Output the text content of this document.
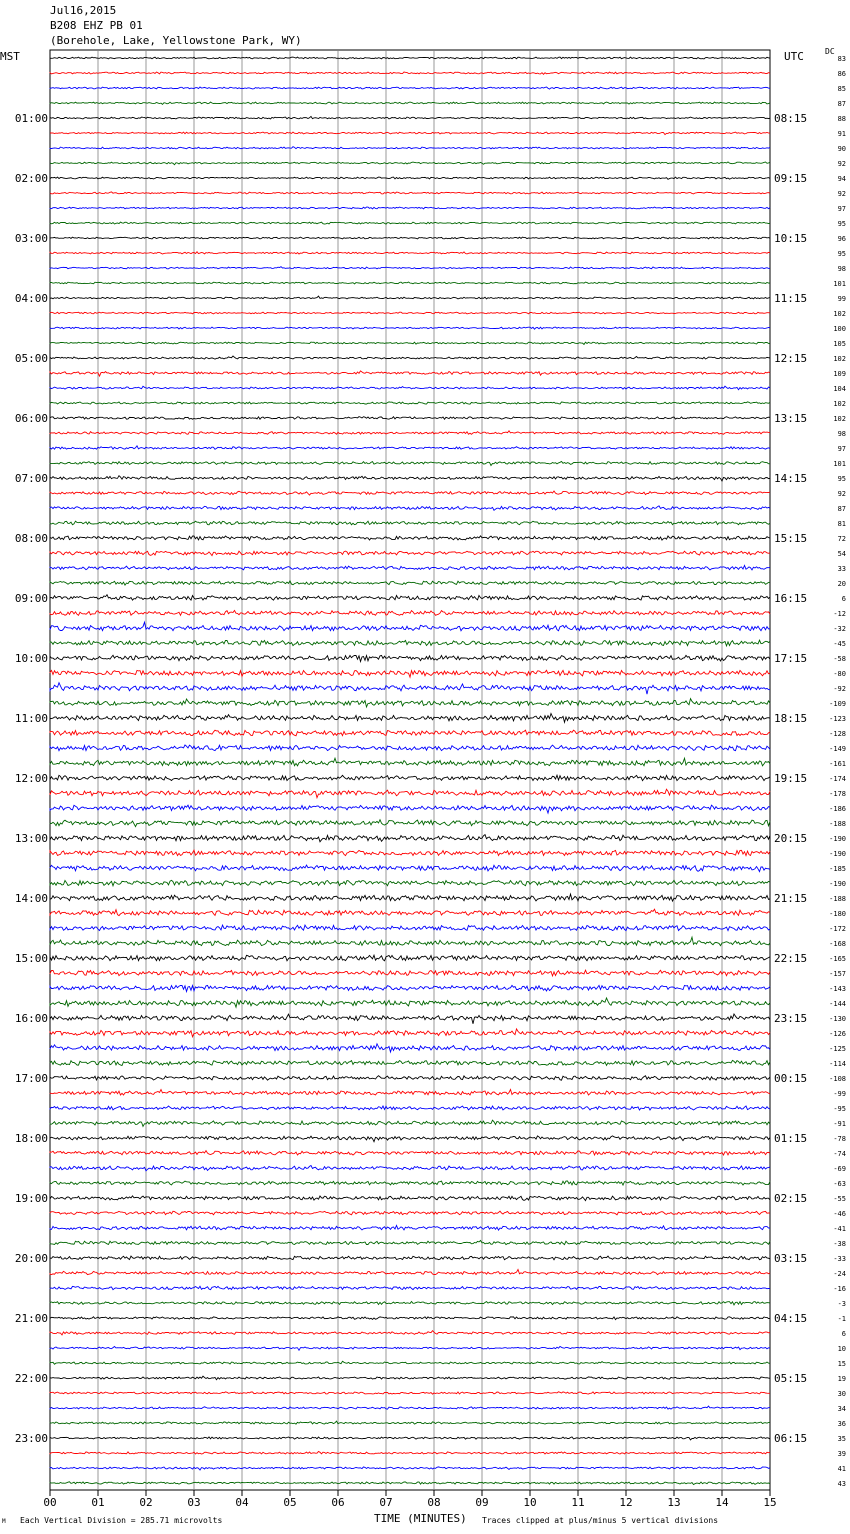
Jul16,2015
B208 EHZ PB 01
(Borehole, Lake, Yellowstone Park, WY)
MST	UTC	DC
00	01	02	03	04	05	06	07	08	09	10	11	12	13	14	15
83
86
85
87
88
91
90
92
94
92
97
95
96
95
98
101
99
102
100
105
102
109
104
102
102
98
97
101
95
92
87
81
72
54
33
20
6
-12
-32
-45
-58
-80
-92
-109
-123
-128
-149
-161
-174
-178
-186
-188
-190
-190
-185
-190
-188
-180
-172
-168
-165
-157
-143
-144
-130
-126
-125
-114
-108
-99
-95
-91
-78
-74
-69
-63
-55
-46
-41
-38
-33
-24
-16
-3
-1
6
10
15
19
30
34
36
35
39
41
43
01:00	08:15
02:00	09:15
03:00	10:15
04:00	11:15
05:00	12:15
06:00	13:15
07:00	14:15
08:00	15:15
09:00	16:15
10:00	17:15
11:00	18:15
12:00	19:15
13:00	20:15
14:00	21:15
15:00	22:15
16:00	23:15
17:00	00:15
18:00	01:15
19:00	02:15
20:00	03:15
21:00	04:15
22:00	05:15
23:00	06:15
TIME (MINUTES)
Each Vertical Division = 285.71 microvolts	Traces clipped at plus/minus 5 vertical divisions
M
